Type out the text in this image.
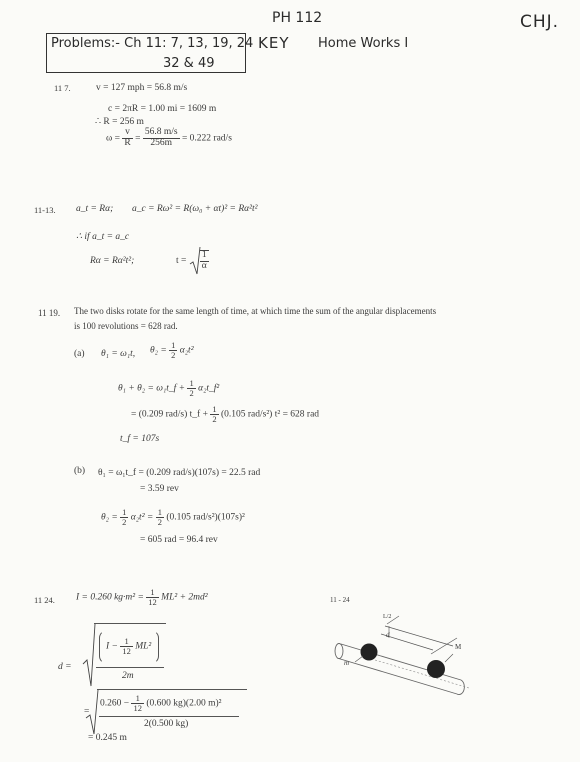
PH 112	CHJ.
Problems:- Ch 11: 7, 13, 19, 24
32 & 49
KEY Home Works I
11 7.	v = 127 mph = 56.8 m/s
c = 2πR = 1.00 mi = 1609 m
∴ R = 256 m
$\omega = \frac{v}{R} = \frac{56.8 m/s}{256m} = 0.222$ rad/s
11-13. a_t = Rα; a_c = Rω² = R(ω₀ + αt)² = Rα²t²
∴ if a_t = a_c
Rα = Rα²t²;	$t = \frac{1}{\alpha}$
11 19. The two disks rotate for the same length of time, at which time the sum of the angular displacements
is 100 revolutions = 628 rad.
(a) θ₁ = ω₁t, $\theta_2 = \frac{1}{2} \alpha_2t^2$
θ₁ + θ₂ = ω₁t_f + $\frac{1}{2}$ α₂t_f²
= (0.209 rad/s) t_f + $\frac{1}{2} (0.105$ rad/s²) t² = 628 rad
t_f = 107s
(b) θ₁ = ω₁t_f = (0.209 rad/s)(107s) = 22.5 rad
= 3.59 rev
$\theta_2 = \frac{1}{2} \alpha_2t^2 = \frac{1}{2} (0.105$ rad/s²)(107s)²
= 605 rad = 96.4 rev
11 24. I = 0.260 $kg\cdot m^2 = \frac{1}{12} ML^2 + 2md^2$
d =
$I - \frac{1}{12} ML^2$
2m
=
$0.260 - \frac{1}{12} (0.600$ kg)(2.00 m)²
2(0.500 kg)
= 0.245 m
11 - 24
L/2
d
m
M
